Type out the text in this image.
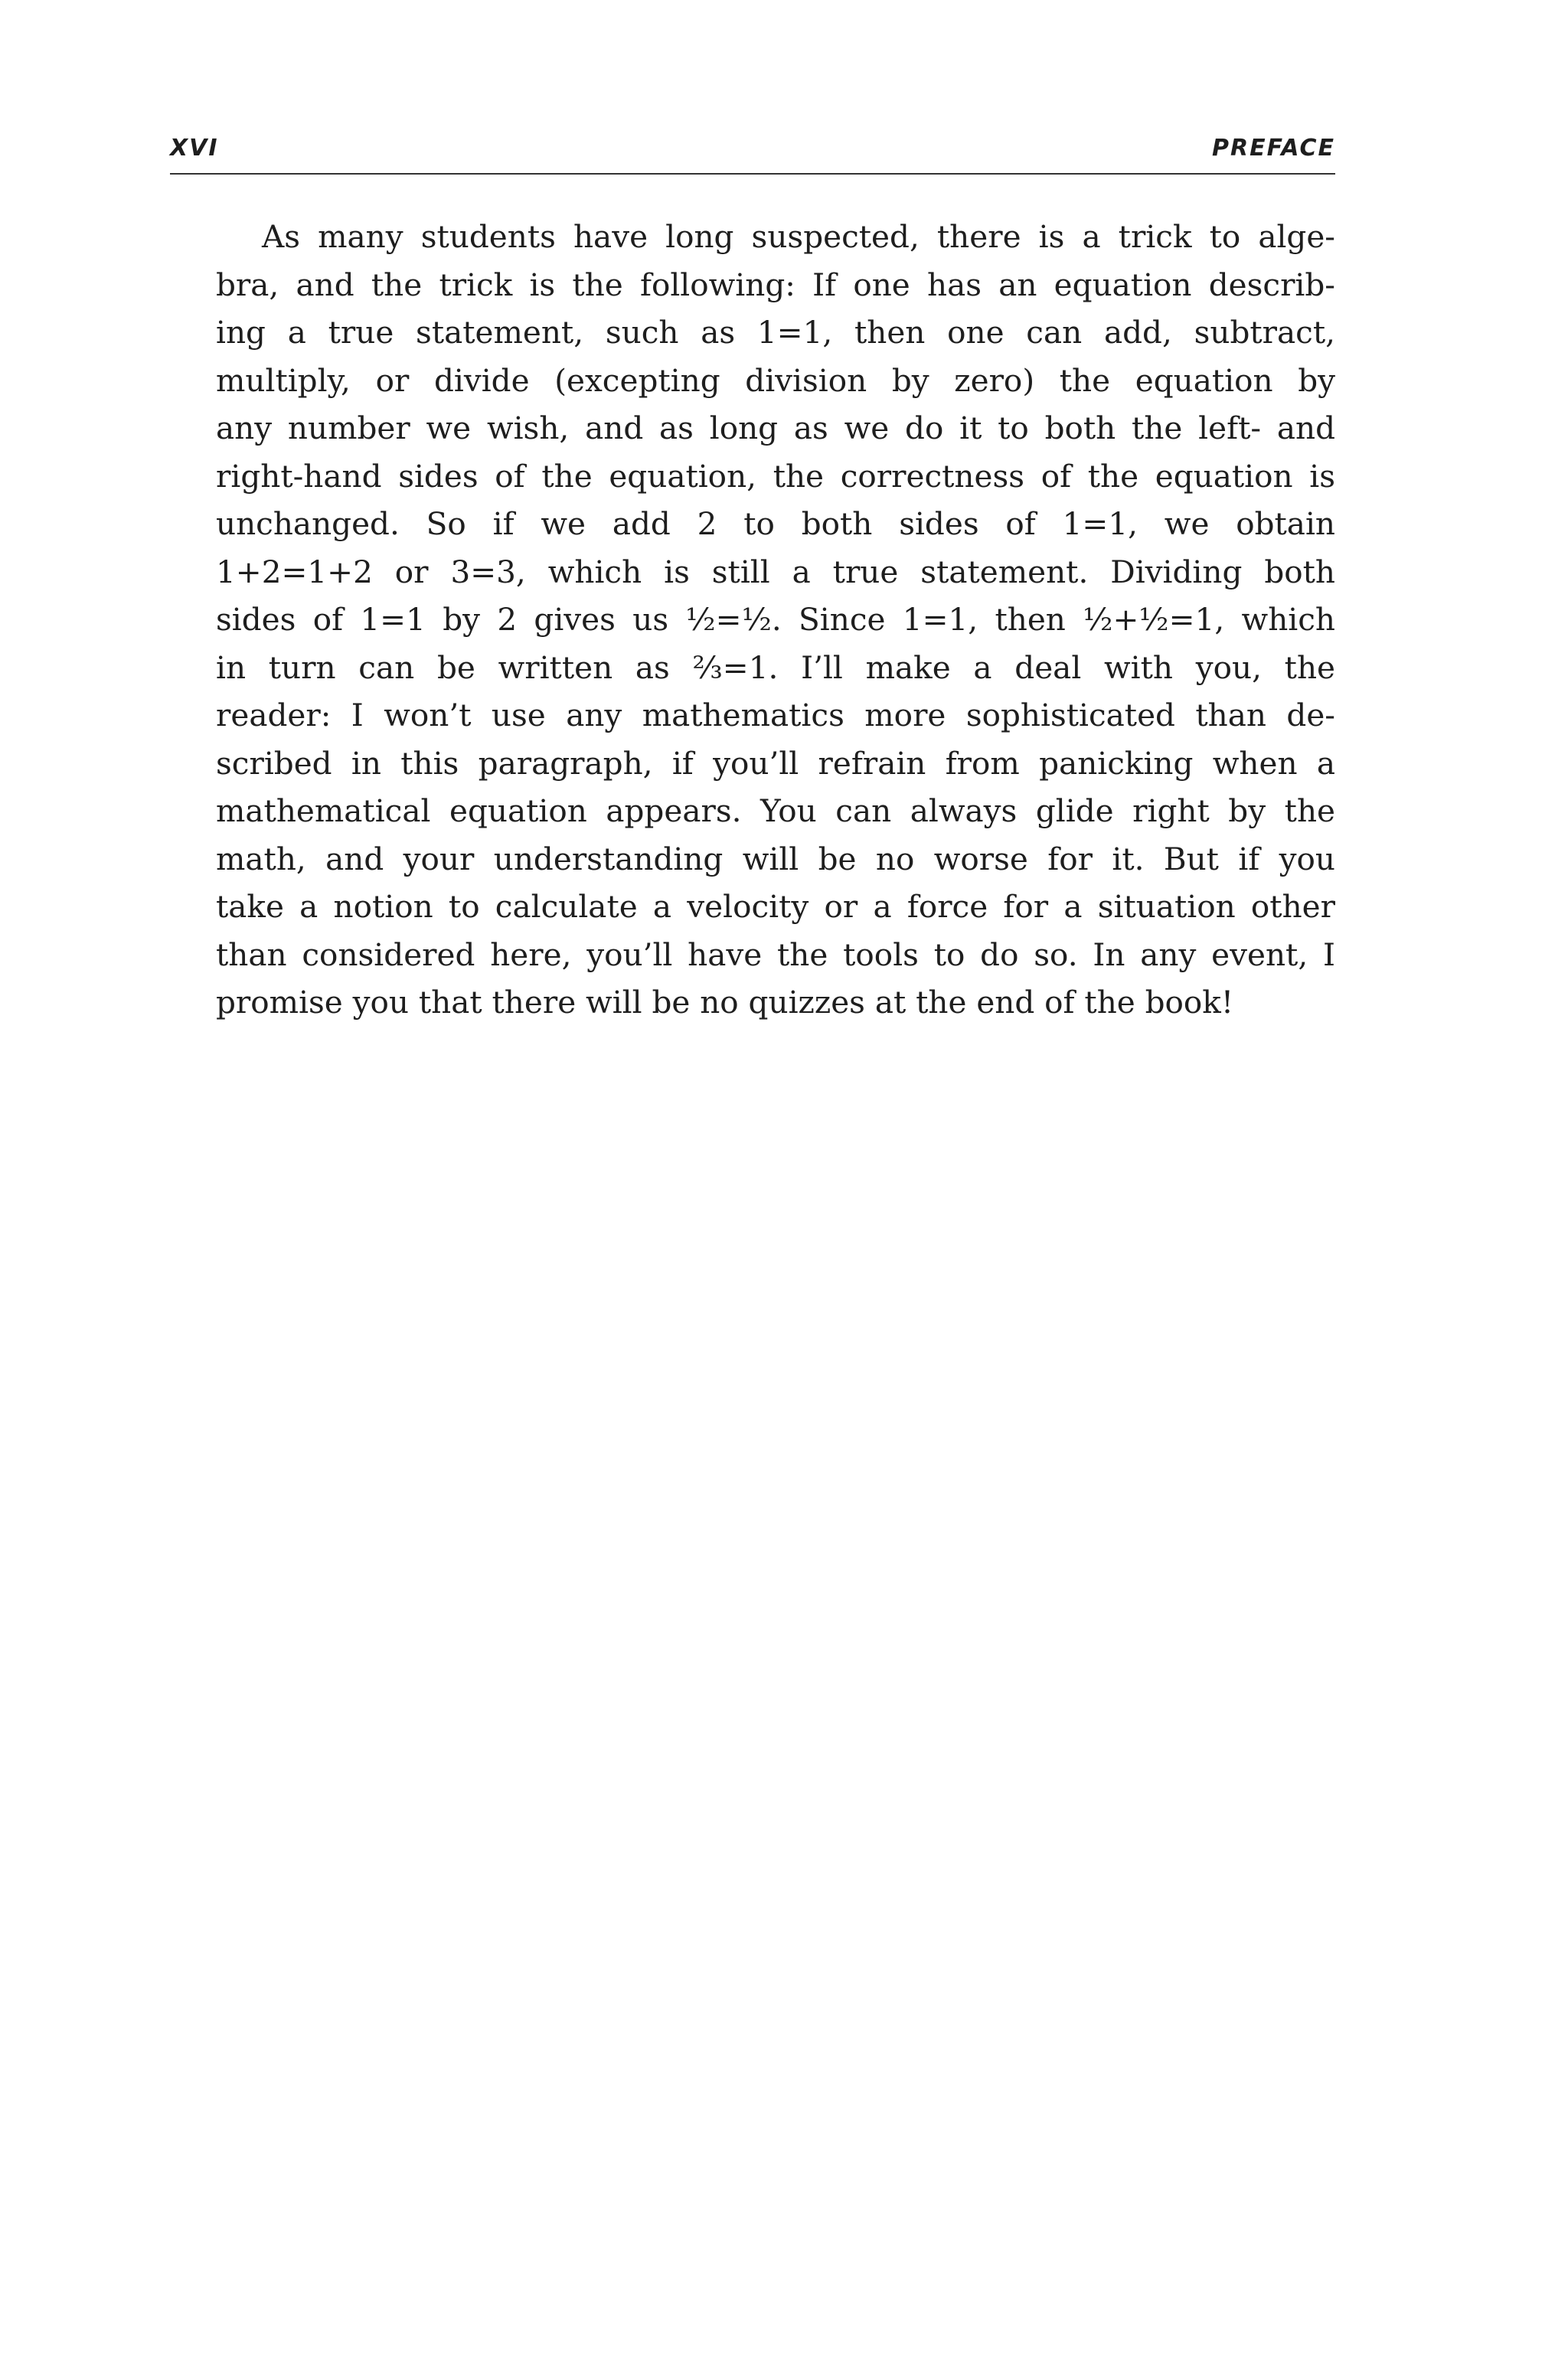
XVI	PREFACE
As many students have long suspected, there is a trick to alge-
bra, and the trick is the following: If one has an equation describ-
ing a true statement, such as 1=1, then one can add, subtract,
multiply, or divide (excepting division by zero) the equation by
any number we wish, and as long as we do it to both the left- and
right-hand sides of the equation, the correctness of the equation is
unchanged. So if we add 2 to both sides of 1=1, we obtain
1+2=1+2 or 3=3, which is still a true statement. Dividing both
sides of 1=1 by 2 gives us ½=½. Since 1=1, then ½+½=1, which
in turn can be written as ⅔=1. I’ll make a deal with you, the
reader: I won’t use any mathematics more sophisticated than de-
scribed in this paragraph, if you’ll refrain from panicking when a
mathematical equation appears. You can always glide right by the
math, and your understanding will be no worse for it. But if you
take a notion to calculate a velocity or a force for a situation other
than considered here, you’ll have the tools to do so. In any event, I
promise you that there will be no quizzes at the end of the book!
